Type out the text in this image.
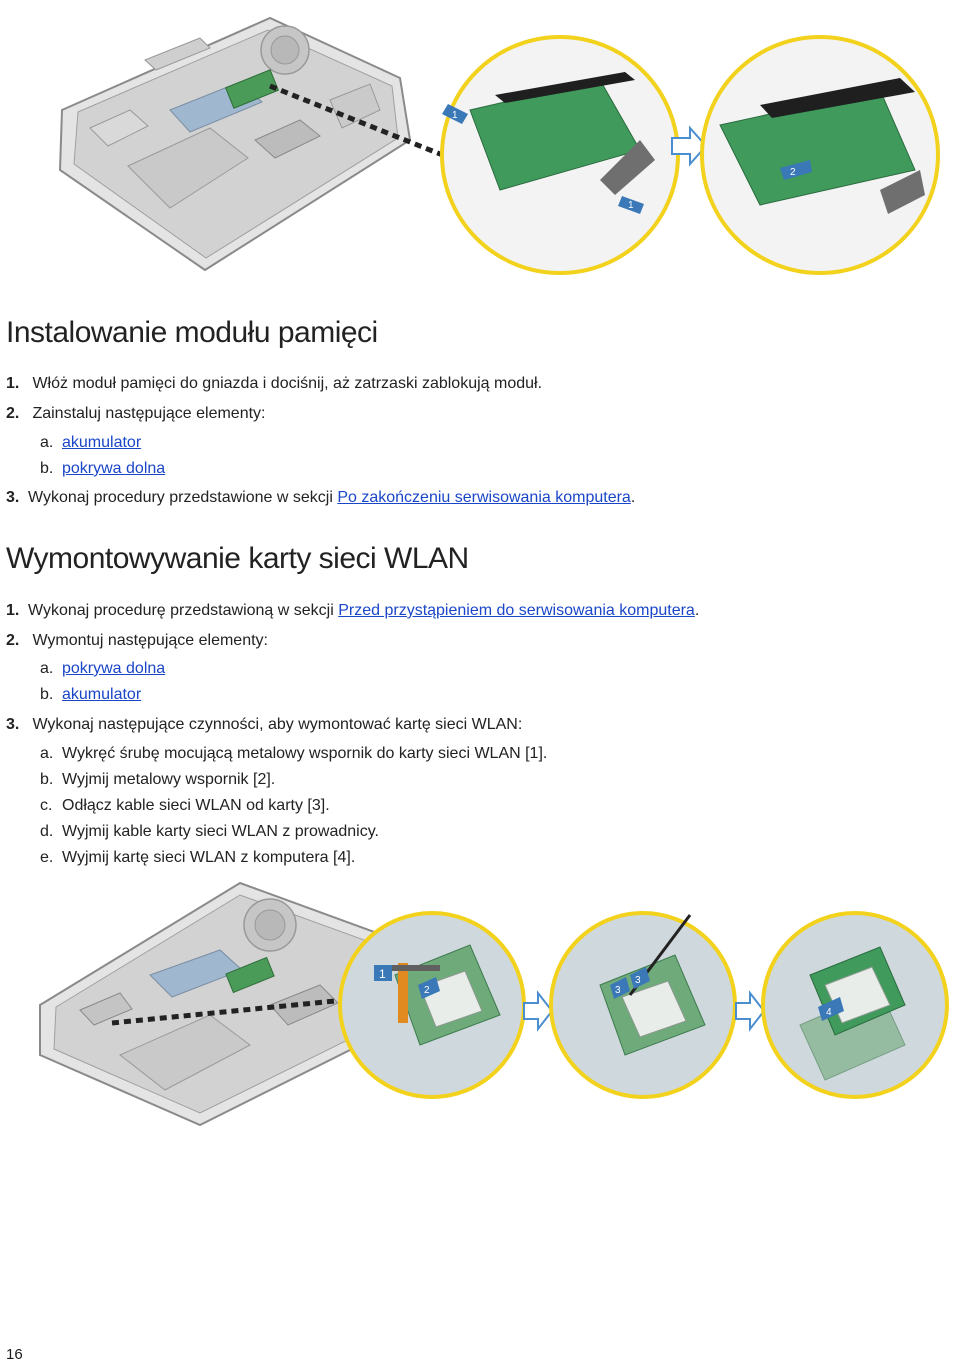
1
1
2
Instalowanie modułu pamięci
1. Włóż moduł pamięci do gniazda i dociśnij, aż zatrzaski zablokują moduł.
2. Zainstaluj następujące elementy:
a. akumulator
b. pokrywa dolna
3. Wykonaj procedury przedstawione w sekcji Po zakończeniu serwisowania komputera.
Wymontowywanie karty sieci WLAN
1. Wykonaj procedurę przedstawioną w sekcji Przed przystąpieniem do serwisowania komputera.
2. Wymontuj następujące elementy:
a. pokrywa dolna
b. akumulator
3. Wykonaj następujące czynności, aby wymontować kartę sieci WLAN:
a. Wykręć śrubę mocującą metalowy wspornik do karty sieci WLAN [1].
b. Wyjmij metalowy wspornik [2].
c. Odłącz kable sieci WLAN od karty [3].
d. Wyjmij kable karty sieci WLAN z prowadnicy.
e. Wyjmij kartę sieci WLAN z komputera [4].
1
2	3
3
4
16
